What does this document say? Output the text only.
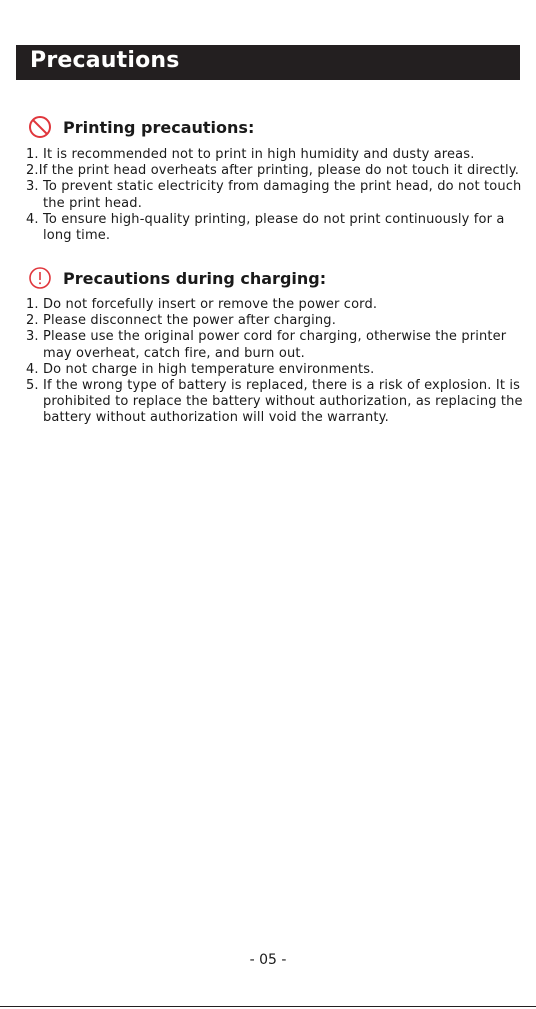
Precautions
Printing precautions:
1. It is recommended not to print in high humidity and dusty areas.
2. If the print head overheats after printing, please do not touch it directly.
3. To prevent static electricity from damaging the print head, do not touch the print head.
4. To ensure high-quality printing, please do not print continuously for a long time.
Precautions during charging:
1. Do not forcefully insert or remove the power cord.
2. Please disconnect the power after charging.
3. Please use the original power cord for charging, otherwise the printer may overheat, catch fire, and burn out.
4. Do not charge in high temperature environments.
5. If the wrong type of battery is replaced, there is a risk of explosion. It is prohibited to replace the battery without authorization, as replacing the battery without authorization will void the warranty.
- 05 -
